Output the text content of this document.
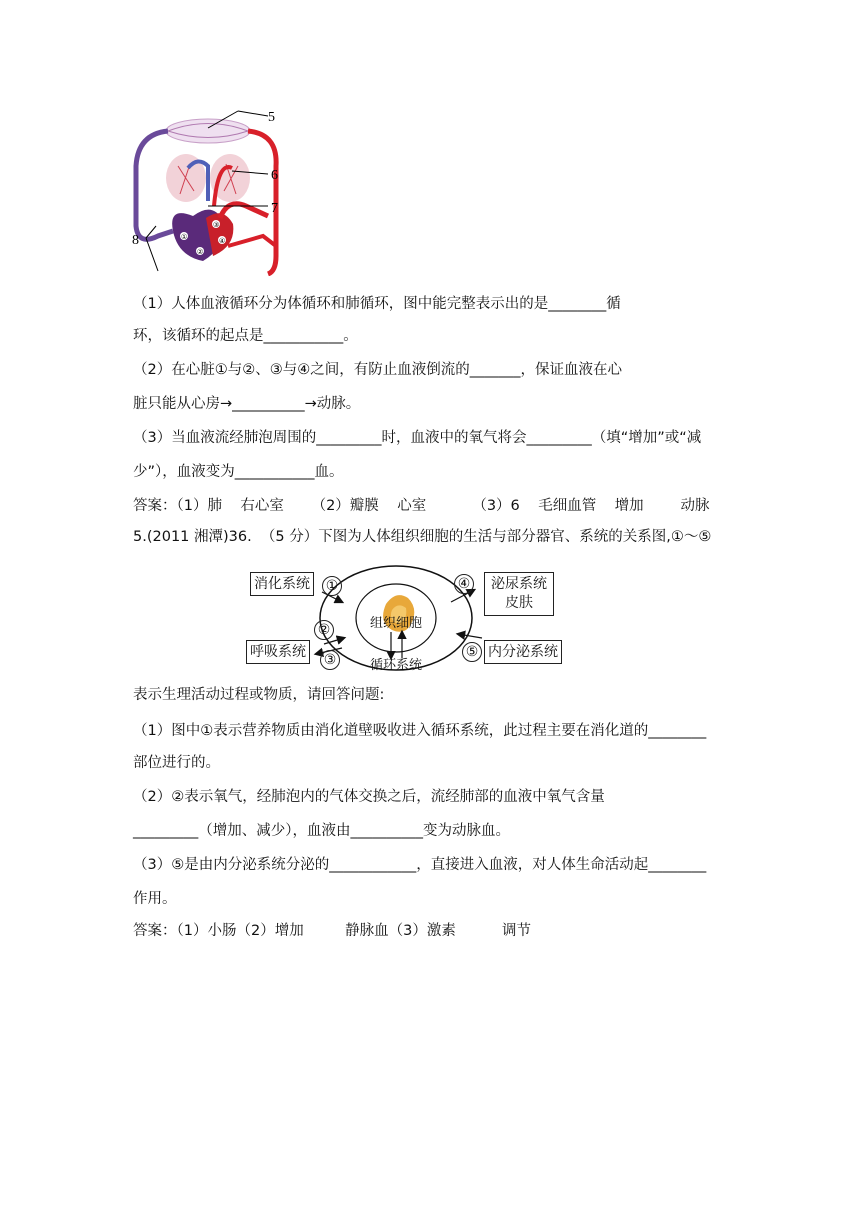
①
②
③
④
5
6
7
8
（1）人体血液循环分为体循环和肺循环，图中能完整表示出的是________循
环，该循环的起点是___________。
（2）在心脏①与②、③与④之间，有防止血液倒流的_______，保证血液在心
脏只能从心房→__________→动脉。
（3）当血液流经肺泡周围的_________时，血液中的氧气将会_________（填“增加”或“减
少”），血液变为___________血。
答案：（1）肺    右心室      （2）瓣膜    心室          （3）6    毛细血管    增加        动脉
5.(2011 湘潭)36.  （5 分）下图为人体组织细胞的生活与部分器官、系统的关系图,①～⑤
消化系统
呼吸系统
泌尿系统
皮肤
内分泌系统
组织细胞
循环系统
①
②
③
④
⑤
表示生理活动过程或物质，请回答问题:
（1）图中①表示营养物质由消化道壁吸收进入循环系统，此过程主要在消化道的________
部位进行的。
（2）②表示氧气，经肺泡内的气体交换之后，流经肺部的血液中氧气含量
_________（增加、减少），血液由__________变为动脉血。
（3）⑤是由内分泌系统分泌的____________，直接进入血液，对人体生命活动起________
作用。
答案：（1）小肠（2）增加         静脉血（3）激素          调节
